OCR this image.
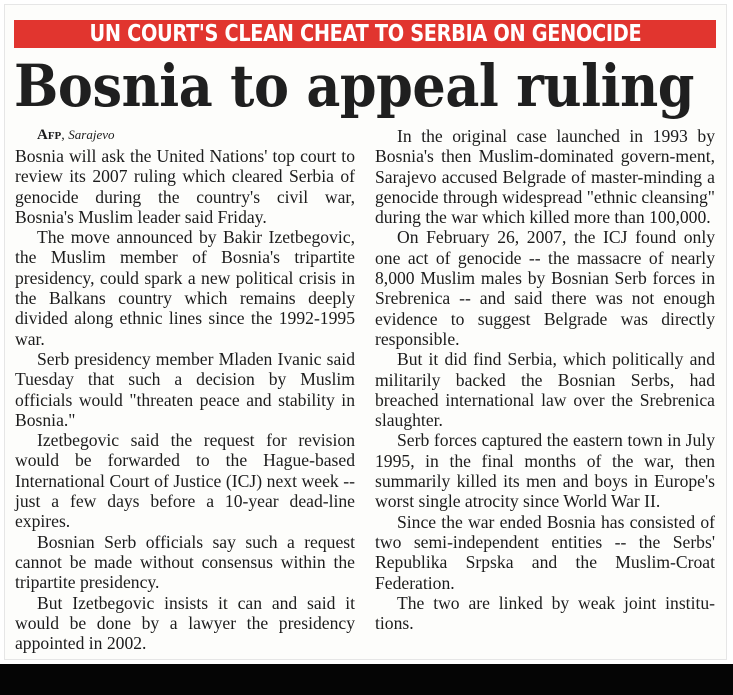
UN COURT'S CLEAN CHEAT TO SERBIA ON GENOCIDE
Bosnia to appeal ruling

Afp, Sarajevo

Bosnia will ask the United Nations' top court to review its 2007 ruling which cleared Serbia of genocide during the country's civil war, Bosnia's Muslim leader said Friday.

The move announced by Bakir Izetbegovic, the Muslim member of Bosnia's tripartite presidency, could spark a new political crisis in the Balkans country which remains deeply divided along ethnic lines since the 1992-1995 war.

Serb presidency member Mladen Ivanic said Tuesday that such a decision by Muslim officials would "threaten peace and stability in Bosnia."

Izetbegovic said the request for revision would be forwarded to the Hague-based International Court of Justice (ICJ) next week -- just a few days before a 10-year dead-line expires.

Bosnian Serb officials say such a request cannot be made without consensus within the tripartite presidency.

But Izetbegovic insists it can and said it would be done by a lawyer the presidency appointed in 2002.

In the original case launched in 1993 by Bosnia's then Muslim-dominated govern-ment, Sarajevo accused Belgrade of master-minding a genocide through widespread "ethnic cleansing" during the war which killed more than 100,000.

On February 26, 2007, the ICJ found only one act of genocide -- the massacre of nearly 8,000 Muslim males by Bosnian Serb forces in Srebrenica -- and said there was not enough evidence to suggest Belgrade was directly responsible.

But it did find Serbia, which politically and militarily backed the Bosnian Serbs, had breached international law over the Srebrenica slaughter.

Serb forces captured the eastern town in July 1995, in the final months of the war, then summarily killed its men and boys in Europe's worst single atrocity since World War II.

Since the war ended Bosnia has consisted of two semi-independent entities -- the Serbs' Republika Srpska and the Muslim-Croat Federation.

The two are linked by weak joint institu-tions.
